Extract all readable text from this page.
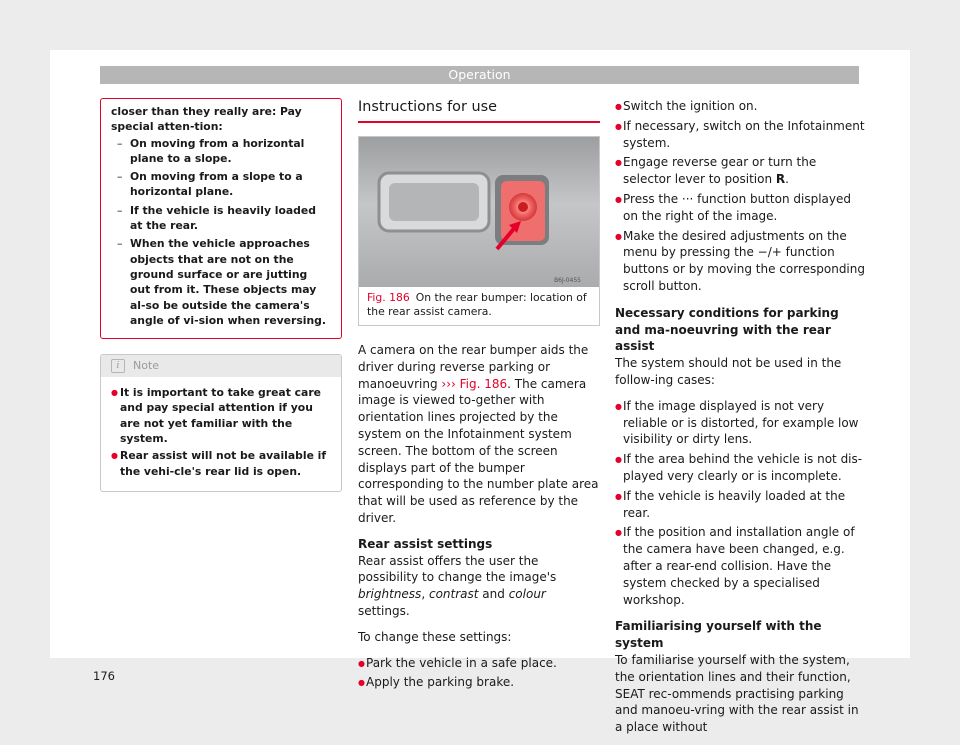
Operation

closer than they really are: Pay special atten-tion:

– On moving from a horizontal plane to a slope.
– On moving from a slope to a horizontal plane.
– If the vehicle is heavily loaded at the rear.
– When the vehicle approaches objects that are not on the ground surface or are jutting out from it. These objects may al-so be outside the camera's angle of vi-sion when reversing.
i	Note
● It is important to take great care and pay special attention if you are not yet familiar with the system.
● Rear assist will not be available if the vehi-cle's rear lid is open.
Instructions for use
B6J-0455
Fig. 186 On the rear bumper: location of the rear assist camera.

A camera on the rear bumper aids the driver during reverse parking or manoeuvring ››› Fig. 186. The camera image is viewed to-gether with orientation lines projected by the system on the Infotainment system screen. The bottom of the screen displays part of the bumper corresponding to the number plate area that will be used as reference by the driver.

Rear assist settings

Rear assist offers the user the possibility to change the image's brightness, contrast and colour settings.

To change these settings:

● Park the vehicle in a safe place.
● Apply the parking brake.
● Switch the ignition on.
● If necessary, switch on the Infotainment system.
● Engage reverse gear or turn the selector lever to position R.
● Press the ··· function button displayed on the right of the image.
● Make the desired adjustments on the menu by pressing the −/+ function buttons or by moving the corresponding scroll button.

Necessary conditions for parking and ma-noeuvring with the rear assist

The system should not be used in the follow-ing cases:

● If the image displayed is not very reliable or is distorted, for example low visibility or dirty lens.
● If the area behind the vehicle is not dis-played very clearly or is incomplete.
● If the vehicle is heavily loaded at the rear.
● If the position and installation angle of the camera have been changed, e.g. after a rear-end collision. Have the system checked by a specialised workshop.

Familiarising yourself with the system

To familiarise yourself with the system, the orientation lines and their function, SEAT rec-ommends practising parking and manoeu-vring with the rear assist in a place without

176
